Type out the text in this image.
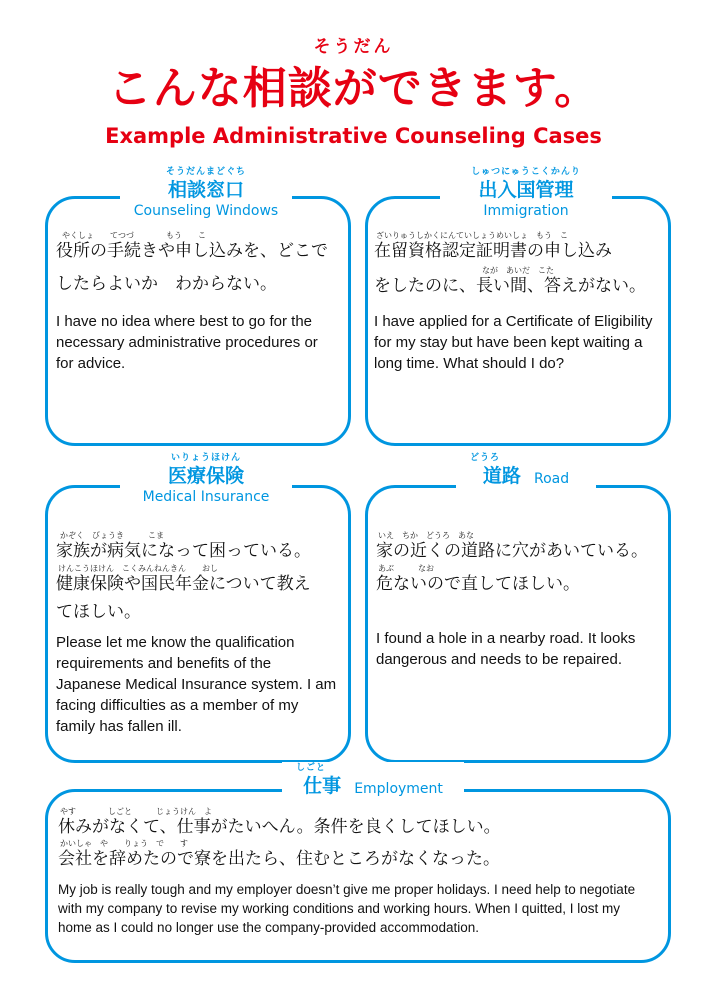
そうだん
こんな相談ができます。
Example Administrative Counseling Cases
そうだんまどぐち
相談窓口
Counseling Windows
やくしょ　　てつづ　　　　もう　　こ
役所の手続きや申し込みを、どこで
したらよいか　わからない。
I have no idea where best to go for the necessary administrative procedures or for advice.
しゅつにゅうこくかんり
出入国管理
Immigration
ざいりゅうしかくにんていしょうめいしょ　もう　こ
在留資格認定証明書の申し込み
なが　あいだ　こた
をしたのに、長い間、答えがない。
I have applied for a Certificate of Eligibility for my stay but have been kept waiting a long time. What should I do?
いりょうほけん
医療保険
Medical Insurance
かぞく　びょうき　　　こま
家族が病気になって困っている。
けんこうほけん　こくみんねんきん　　おし
健康保険や国民年金について教え
てほしい。
Please let me know the qualification requirements and benefits of the Japanese Medical Insurance system. I am facing difficulties as a member of my family has fallen ill.
どうろ
道路 Road
いえ　ちか　どうろ　あな
家の近くの道路に穴があいている。
あぶ　　　なお
危ないので直してほしい。
I found a hole in a nearby road. It looks dangerous and needs to be repaired.
しごと
仕事 Employment
やす　　　　しごと　　　じょうけん　よ
休みがなくて、仕事がたいへん。条件を良くしてほしい。
かいしゃ　や　　りょう　で　　す
会社を辞めたので寮を出たら、住むところがなくなった。
My job is really tough and my employer doesn’t give me proper holidays. I need help to negotiate with my company to revise my working conditions and working hours. When I quitted, I lost my home as I could no longer use the company-provided accommodation.
